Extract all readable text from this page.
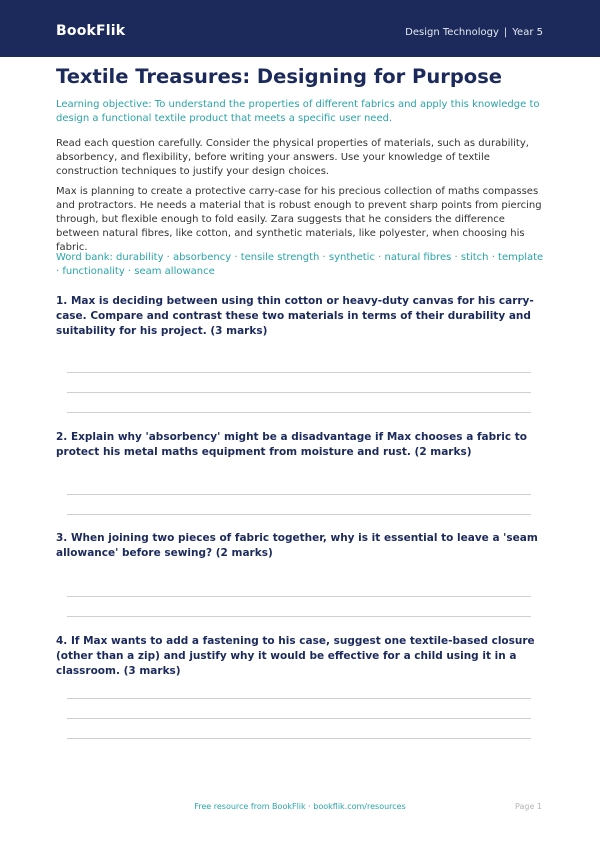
BookFlik	Design Technology | Year 5
Textile Treasures: Designing for Purpose

Learning objective: To understand the properties of different fabrics and apply this knowledge to design a functional textile product that meets a specific user need.

Read each question carefully. Consider the physical properties of materials, such as durability, absorbency, and flexibility, before writing your answers. Use your knowledge of textile construction techniques to justify your design choices.

Max is planning to create a protective carry-case for his precious collection of maths compasses and protractors. He needs a material that is robust enough to prevent sharp points from piercing through, but flexible enough to fold easily. Zara suggests that he considers the difference between natural fibres, like cotton, and synthetic materials, like polyester, when choosing his fabric.

Word bank: durability · absorbency · tensile strength · synthetic · natural fibres · stitch · template · functionality · seam allowance

1. Max is deciding between using thin cotton or heavy-duty canvas for his carry-case. Compare and contrast these two materials in terms of their durability and suitability for his project. (3 marks)

2. Explain why 'absorbency' might be a disadvantage if Max chooses a fabric to protect his metal maths equipment from moisture and rust. (2 marks)

3. When joining two pieces of fabric together, why is it essential to leave a 'seam allowance' before sewing? (2 marks)

4. If Max wants to add a fastening to his case, suggest one textile-based closure (other than a zip) and justify why it would be effective for a child using it in a classroom. (3 marks)

Free resource from BookFlik · bookflik.com/resources	Page 1
